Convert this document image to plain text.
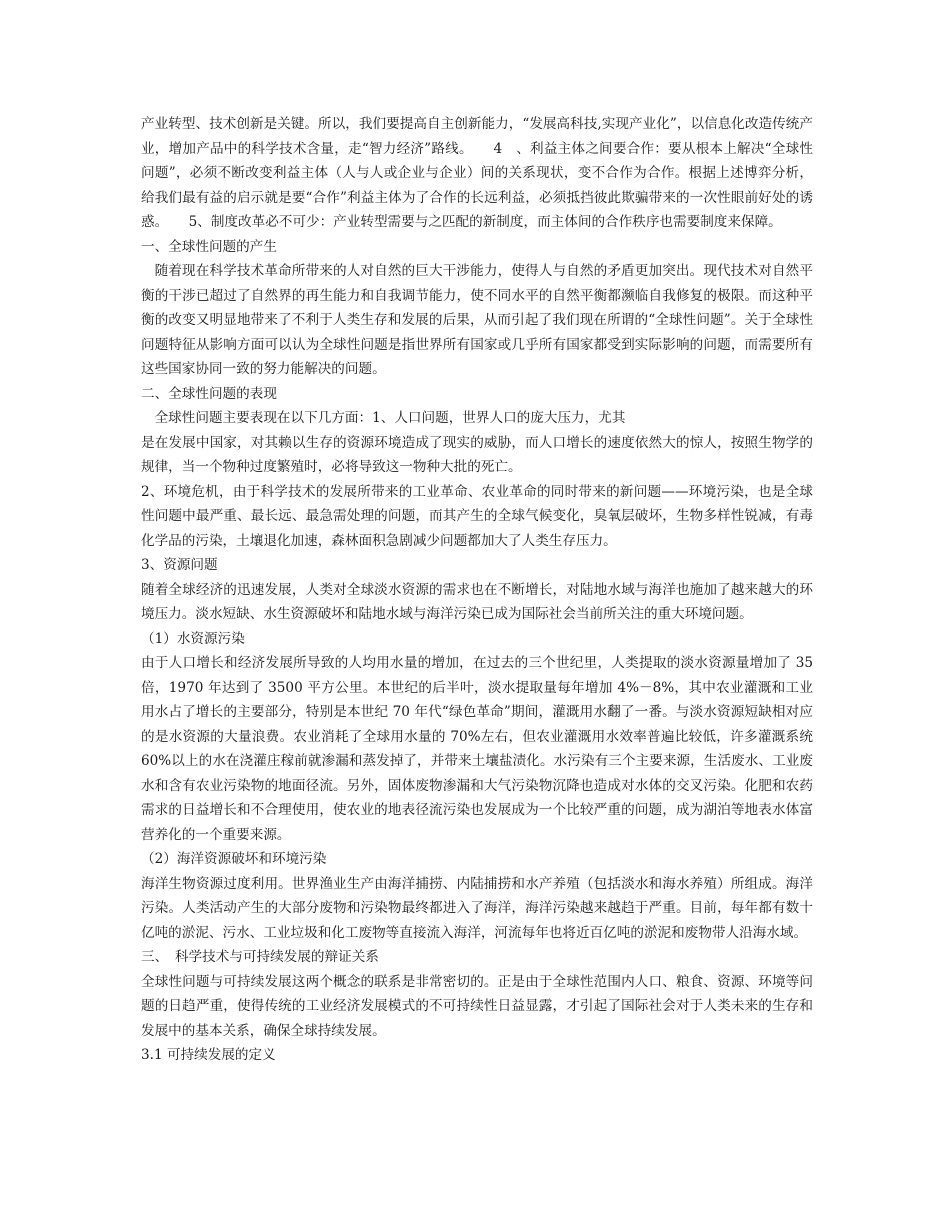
产业转型、技术创新是关键。所以，我们要提高自主创新能力，“发展高科技,实现产业化”，以信息化改造传统产业，增加产品中的科学技术含量，走“智力经济”路线。　　4　、利益主体之间要合作：要从根本上解决“全球性问题”，必须不断改变利益主体（人与人或企业与企业）间的关系现状，变不合作为合作。根据上述博弈分析，给我们最有益的启示就是要“合作”利益主体为了合作的长远利益，必须抵挡彼此欺骗带来的一次性眼前好处的诱惑。　　5、制度改革必不可少：产业转型需要与之匹配的新制度，而主体间的合作秩序也需要制度来保障。

一、全球性问题的产生

随着现在科学技术革命所带来的人对自然的巨大干涉能力，使得人与自然的矛盾更加突出。现代技术对自然平衡的干涉已超过了自然界的再生能力和自我调节能力，使不同水平的自然平衡都濒临自我修复的极限。而这种平衡的改变又明显地带来了不利于人类生存和发展的后果，从而引起了我们现在所谓的“全球性问题”。关于全球性问题特征从影响方面可以认为全球性问题是指世界所有国家或几乎所有国家都受到实际影响的问题，而需要所有这些国家协同一致的努力能解决的问题。

二、全球性问题的表现

全球性问题主要表现在以下几方面：1、人口问题，世界人口的庞大压力，尤其

是在发展中国家，对其赖以生存的资源环境造成了现实的威胁，而人口增长的速度依然大的惊人，按照生物学的规律，当一个物种过度繁殖时，必将导致这一物种大批的死亡。

2、环境危机，由于科学技术的发展所带来的工业革命、农业革命的同时带来的新问题——环境污染，也是全球性问题中最严重、最长远、最急需处理的问题，而其产生的全球气候变化，臭氧层破坏，生物多样性锐减，有毒化学品的污染，土壤退化加速，森林面积急剧减少问题都加大了人类生存压力。

3、资源问题

随着全球经济的迅速发展，人类对全球淡水资源的需求也在不断增长，对陆地水域与海洋也施加了越来越大的环境压力。淡水短缺、水生资源破坏和陆地水域与海洋污染已成为国际社会当前所关注的重大环境问题。

（1）水资源污染

由于人口增长和经济发展所导致的人均用水量的增加，在过去的三个世纪里，人类提取的淡水资源量增加了 35倍，1970 年达到了 3500 平方公里。本世纪的后半叶，淡水提取量每年增加 4%－8%，其中农业灌溉和工业用水占了增长的主要部分，特别是本世纪 70 年代“绿色革命”期间，灌溉用水翻了一番。与淡水资源短缺相对应的是水资源的大量浪费。农业消耗了全球用水量的 70%左右，但农业灌溉用水效率普遍比较低，许多灌溉系统60%以上的水在浇灌庄稼前就渗漏和蒸发掉了，并带来土壤盐渍化。水污染有三个主要来源，生活废水、工业废水和含有农业污染物的地面径流。另外，固体废物渗漏和大气污染物沉降也造成对水体的交叉污染。化肥和农药需求的日益增长和不合理使用，使农业的地表径流污染也发展成为一个比较严重的问题，成为湖泊等地表水体富营养化的一个重要来源。

（2）海洋资源破坏和环境污染

海洋生物资源过度利用。世界渔业生产由海洋捕捞、内陆捕捞和水产养殖（包括淡水和海水养殖）所组成。海洋污染。人类活动产生的大部分废物和污染物最终都进入了海洋，海洋污染越来越趋于严重。目前，每年都有数十亿吨的淤泥、污水、工业垃圾和化工废物等直接流入海洋，河流每年也将近百亿吨的淤泥和废物带人沿海水域。

三、　科学技术与可持续发展的辩证关系

全球性问题与可持续发展这两个概念的联系是非常密切的。正是由于全球性范围内人口、粮食、资源、环境等问题的日趋严重，使得传统的工业经济发展模式的不可持续性日益显露，才引起了国际社会对于人类未来的生存和发展中的基本关系，确保全球持续发展。

3.1 可持续发展的定义
